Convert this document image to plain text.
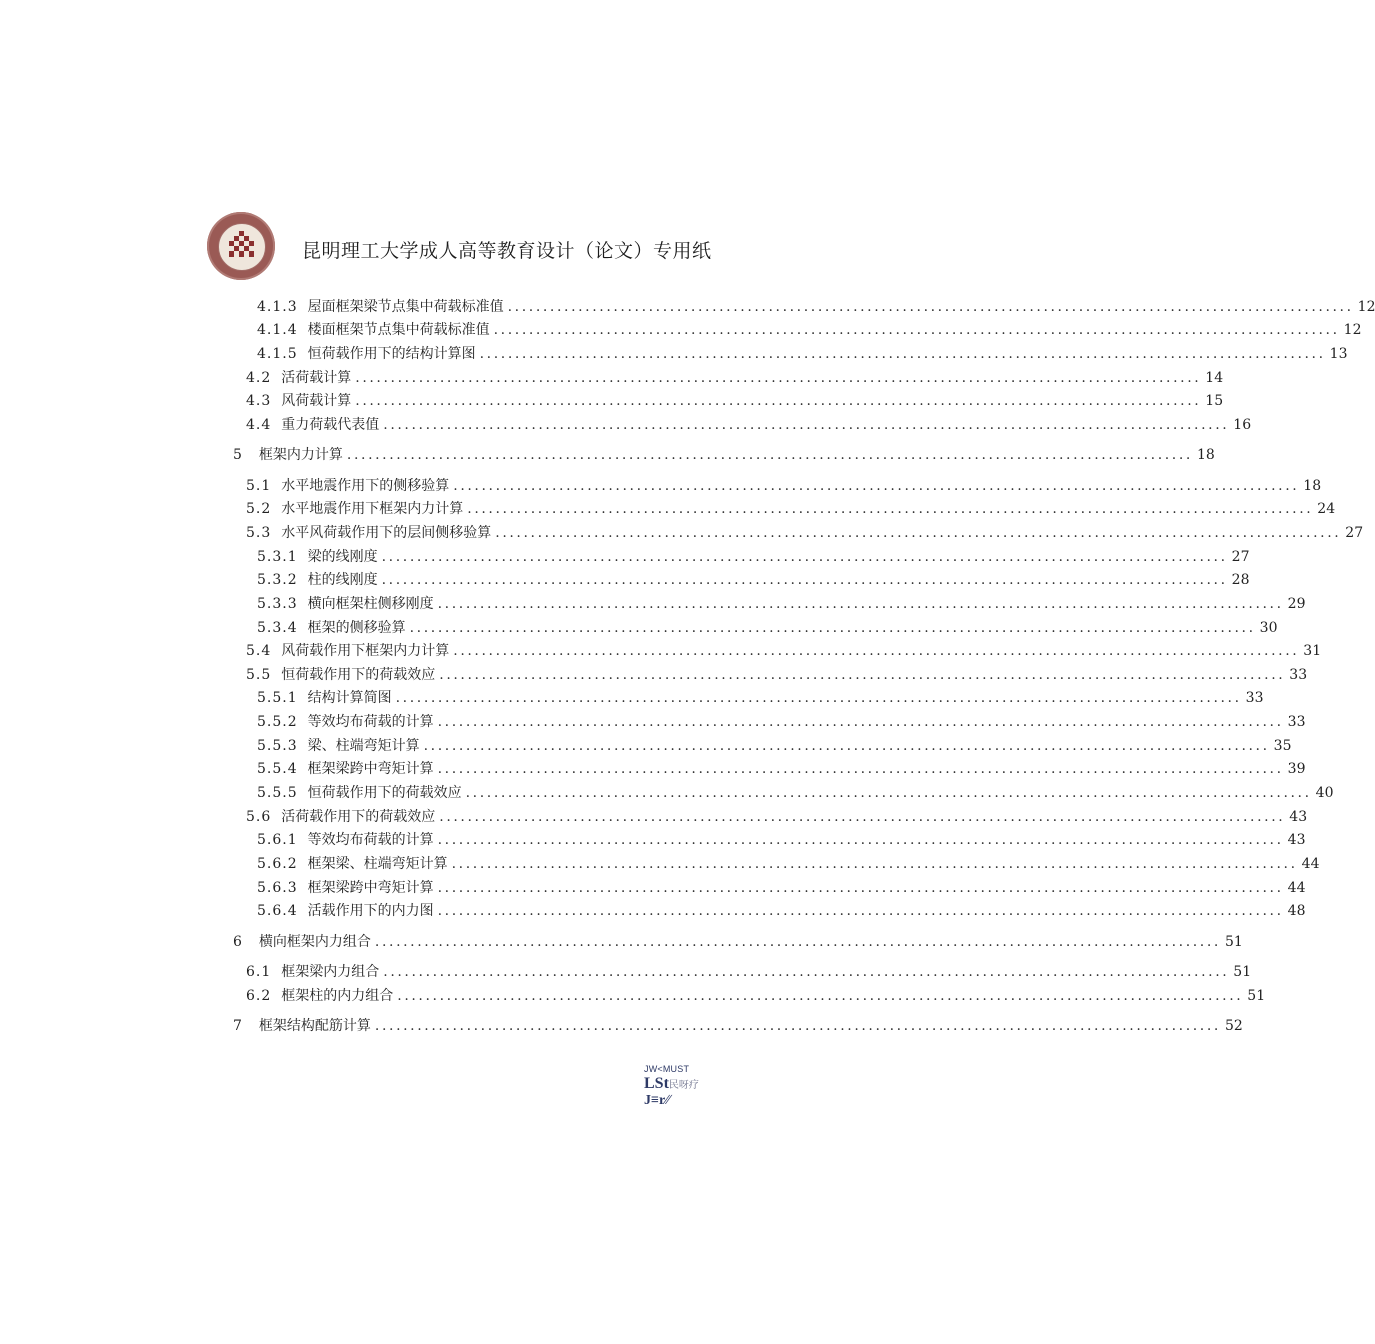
昆明理工大学成人高等教育设计（论文）专用纸
4.1.3 屋面框架梁节点集中荷载标准值 ........................................................................................................................ 12
4.1.4 楼面框架节点集中荷载标准值 ........................................................................................................................ 12
4.1.5 恒荷载作用下的结构计算图 ........................................................................................................................ 13
4.2 活荷载计算 ........................................................................................................................ 14
4.3 风荷载计算 ........................................................................................................................ 15
4.4 重力荷载代表值 ........................................................................................................................ 16
5 框架内力计算 ........................................................................................................................ 18
5.1 水平地震作用下的侧移验算 ........................................................................................................................ 18
5.2 水平地震作用下框架内力计算 ........................................................................................................................ 24
5.3 水平风荷载作用下的层间侧移验算 ........................................................................................................................ 27
5.3.1 梁的线刚度 ........................................................................................................................ 27
5.3.2 柱的线刚度 ........................................................................................................................ 28
5.3.3 横向框架柱侧移刚度 ........................................................................................................................ 29
5.3.4 框架的侧移验算 ........................................................................................................................ 30
5.4 风荷载作用下框架内力计算 ........................................................................................................................ 31
5.5 恒荷载作用下的荷载效应 ........................................................................................................................ 33
5.5.1 结构计算简图 ........................................................................................................................ 33
5.5.2 等效均布荷载的计算 ........................................................................................................................ 33
5.5.3 梁、柱端弯矩计算 ........................................................................................................................ 35
5.5.4 框架梁跨中弯矩计算 ........................................................................................................................ 39
5.5.5 恒荷载作用下的荷载效应 ........................................................................................................................ 40
5.6 活荷载作用下的荷载效应 ........................................................................................................................ 43
5.6.1 等效均布荷载的计算 ........................................................................................................................ 43
5.6.2 框架梁、柱端弯矩计算 ........................................................................................................................ 44
5.6.3 框架梁跨中弯矩计算 ........................................................................................................................ 44
5.6.4 活载作用下的内力图 ........................................................................................................................ 48
6 横向框架内力组合 ........................................................................................................................ 51
6.1 框架梁内力组合 ........................................................................................................................ 51
6.2 框架柱的内力组合 ........................................................................................................................ 51
7 框架结构配筋计算 ........................................................................................................................ 52
JW<MUST
LSt民呀疗
J≡r∕∕
